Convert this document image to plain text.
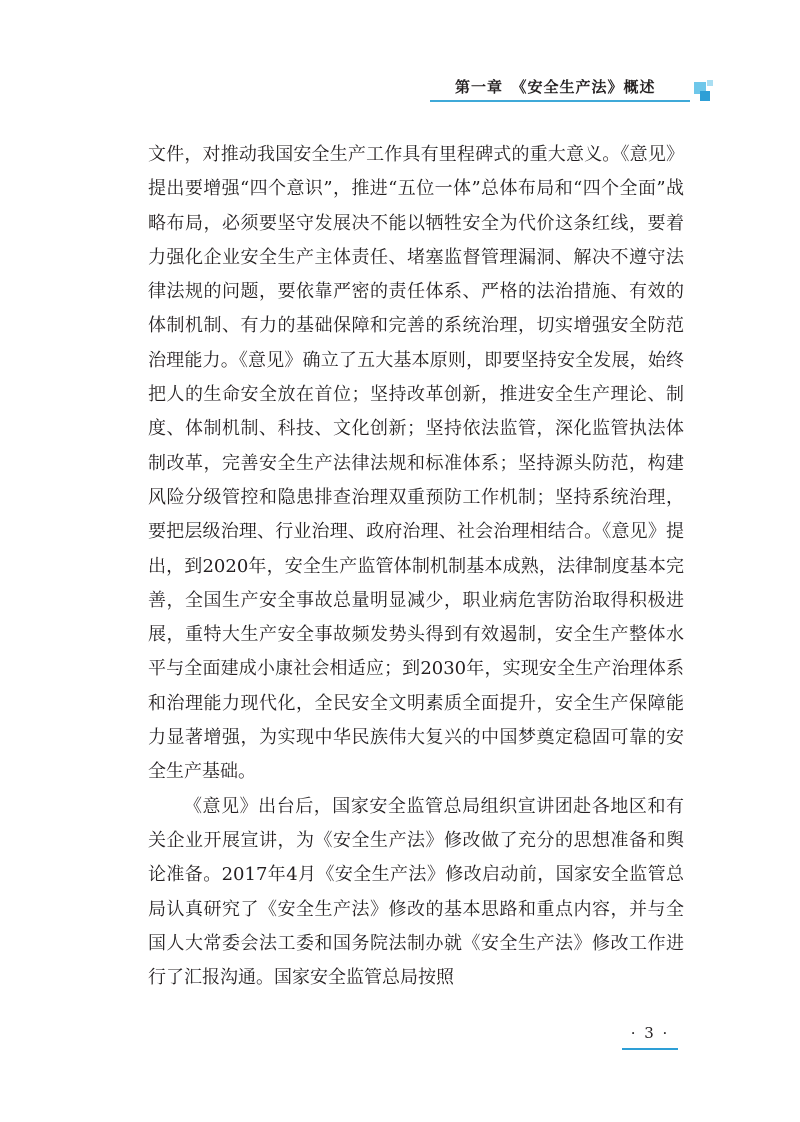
第一章　《安全生产法》概述

文件，对推动我国安全生产工作具有里程碑式的重大意义。《意见》提出要增强“四个意识”，推进“五位一体”总体布局和“四个全面”战略布局，必须要坚守发展决不能以牺牲安全为代价这条红线，要着力强化企业安全生产主体责任、堵塞监督管理漏洞、解决不遵守法律法规的问题，要依靠严密的责任体系、严格的法治措施、有效的体制机制、有力的基础保障和完善的系统治理，切实增强安全防范治理能力。《意见》确立了五大基本原则，即要坚持安全发展，始终把人的生命安全放在首位；坚持改革创新，推进安全生产理论、制度、体制机制、科技、文化创新；坚持依法监管，深化监管执法体制改革，完善安全生产法律法规和标准体系；坚持源头防范，构建风险分级管控和隐患排查治理双重预防工作机制；坚持系统治理，要把层级治理、行业治理、政府治理、社会治理相结合。《意见》提出，到2020年，安全生产监管体制机制基本成熟，法律制度基本完善，全国生产安全事故总量明显减少，职业病危害防治取得积极进展，重特大生产安全事故频发势头得到有效遏制，安全生产整体水平与全面建成小康社会相适应；到2030年，实现安全生产治理体系和治理能力现代化，全民安全文明素质全面提升，安全生产保障能力显著增强，为实现中华民族伟大复兴的中国梦奠定稳固可靠的安全生产基础。

《意见》出台后，国家安全监管总局组织宣讲团赴各地区和有关企业开展宣讲，为《安全生产法》修改做了充分的思想准备和舆论准备。2017年4月《安全生产法》修改启动前，国家安全监管总局认真研究了《安全生产法》修改的基本思路和重点内容，并与全国人大常委会法工委和国务院法制办就《安全生产法》修改工作进行了汇报沟通。国家安全监管总局按照

· 3 ·
